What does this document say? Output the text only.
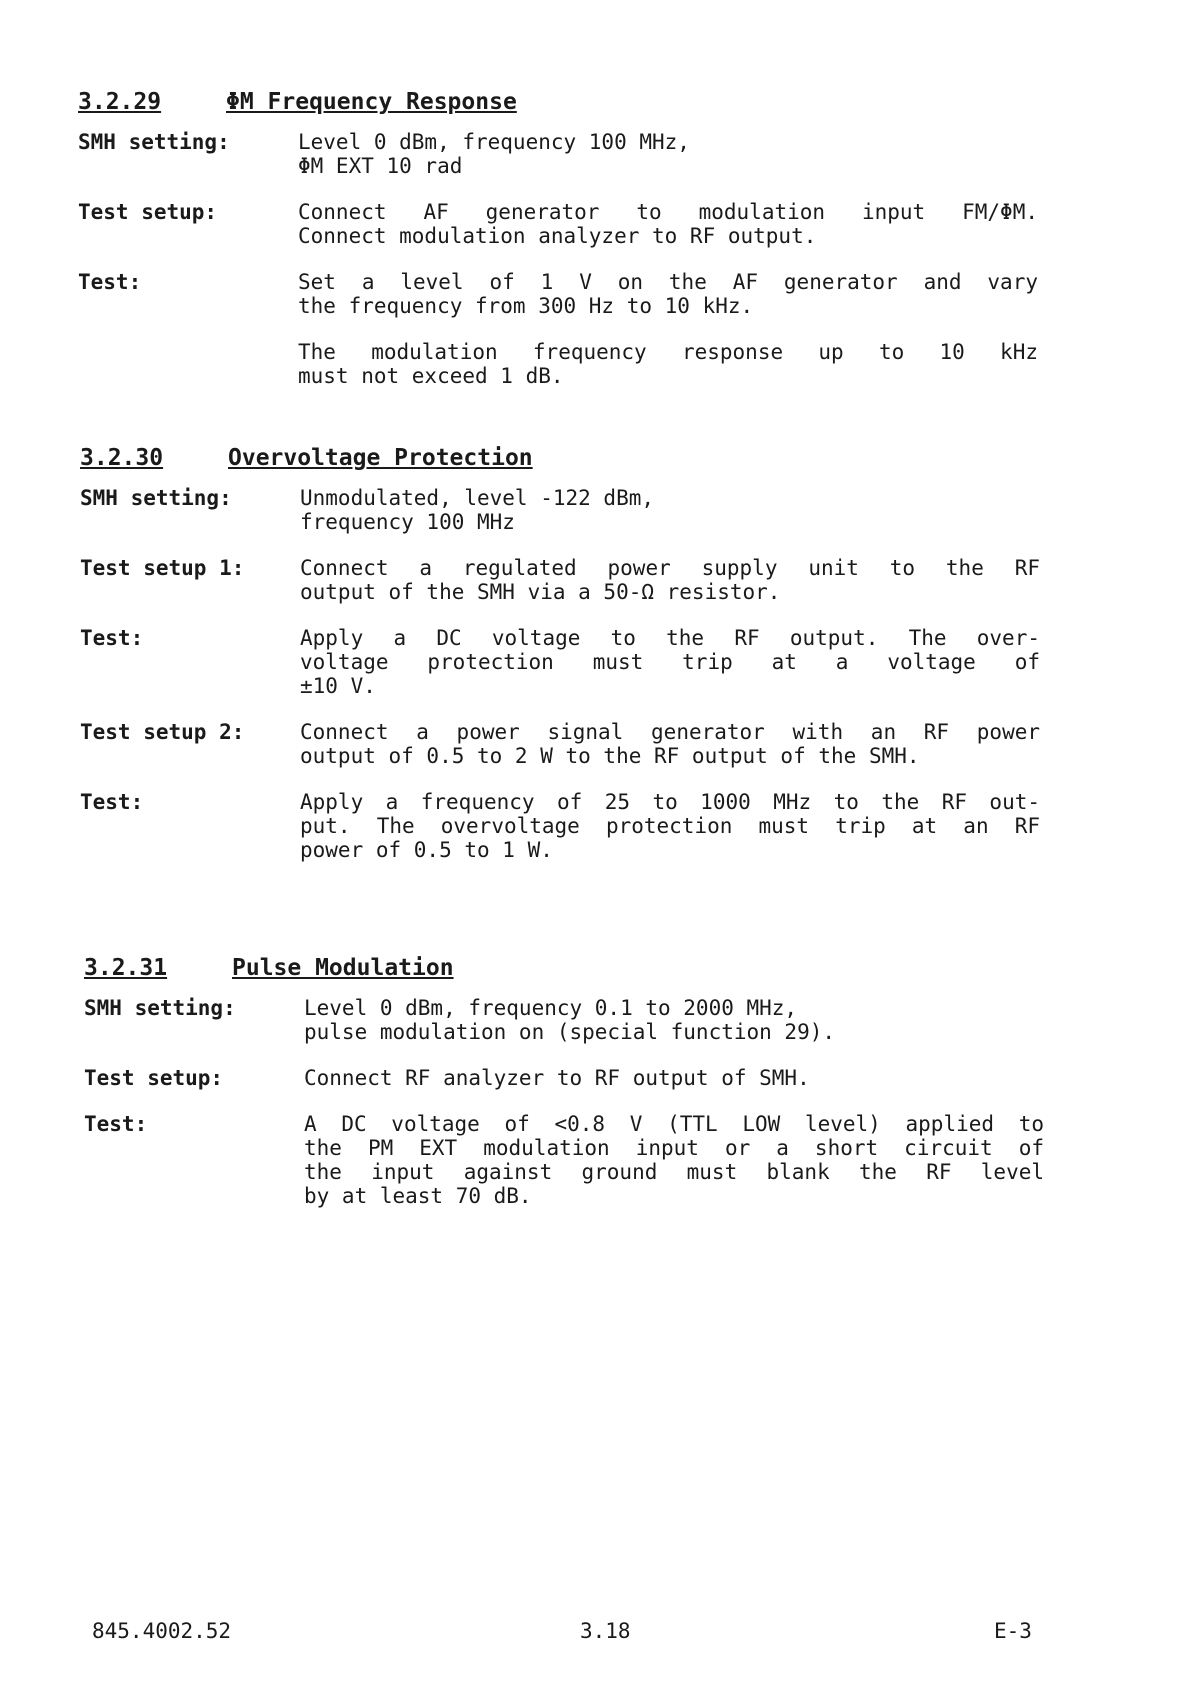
3.2.29	ΦM Frequency Response
SMH setting:	Level 0 dBm, frequency 100 MHz,
ΦM EXT 10 rad
Test setup:	Connect AF generator to modulation input FM/ΦM.
Connect modulation analyzer to RF output.
Test:	Set a level of 1 V on the AF generator and vary
the frequency from 300 Hz to 10 kHz.
The modulation frequency response up to 10 kHz
must not exceed 1 dB.
3.2.30	Overvoltage Protection
SMH setting:	Unmodulated, level -122 dBm,
frequency 100 MHz
Test setup 1:	Connect a regulated power supply unit to the RF
output of the SMH via a 50-Ω resistor.
Test:	Apply a DC voltage to the RF output. The over-
voltage protection must trip at a voltage of
±10 V.
Test setup 2:	Connect a power signal generator with an RF power
output of 0.5 to 2 W to the RF output of the SMH.
Test:	Apply a frequency of 25 to 1000 MHz to the RF out-
put. The overvoltage protection must trip at an RF
power of 0.5 to 1 W.
3.2.31	Pulse Modulation
SMH setting:	Level 0 dBm, frequency 0.1 to 2000 MHz,
pulse modulation on (special function 29).
Test setup:	Connect RF analyzer to RF output of SMH.
Test:	A DC voltage of <0.8 V (TTL LOW level) applied to
the PM EXT modulation input or a short circuit of
the input against ground must blank the RF level
by at least 70 dB.
845.4002.52	3.18	E-3
